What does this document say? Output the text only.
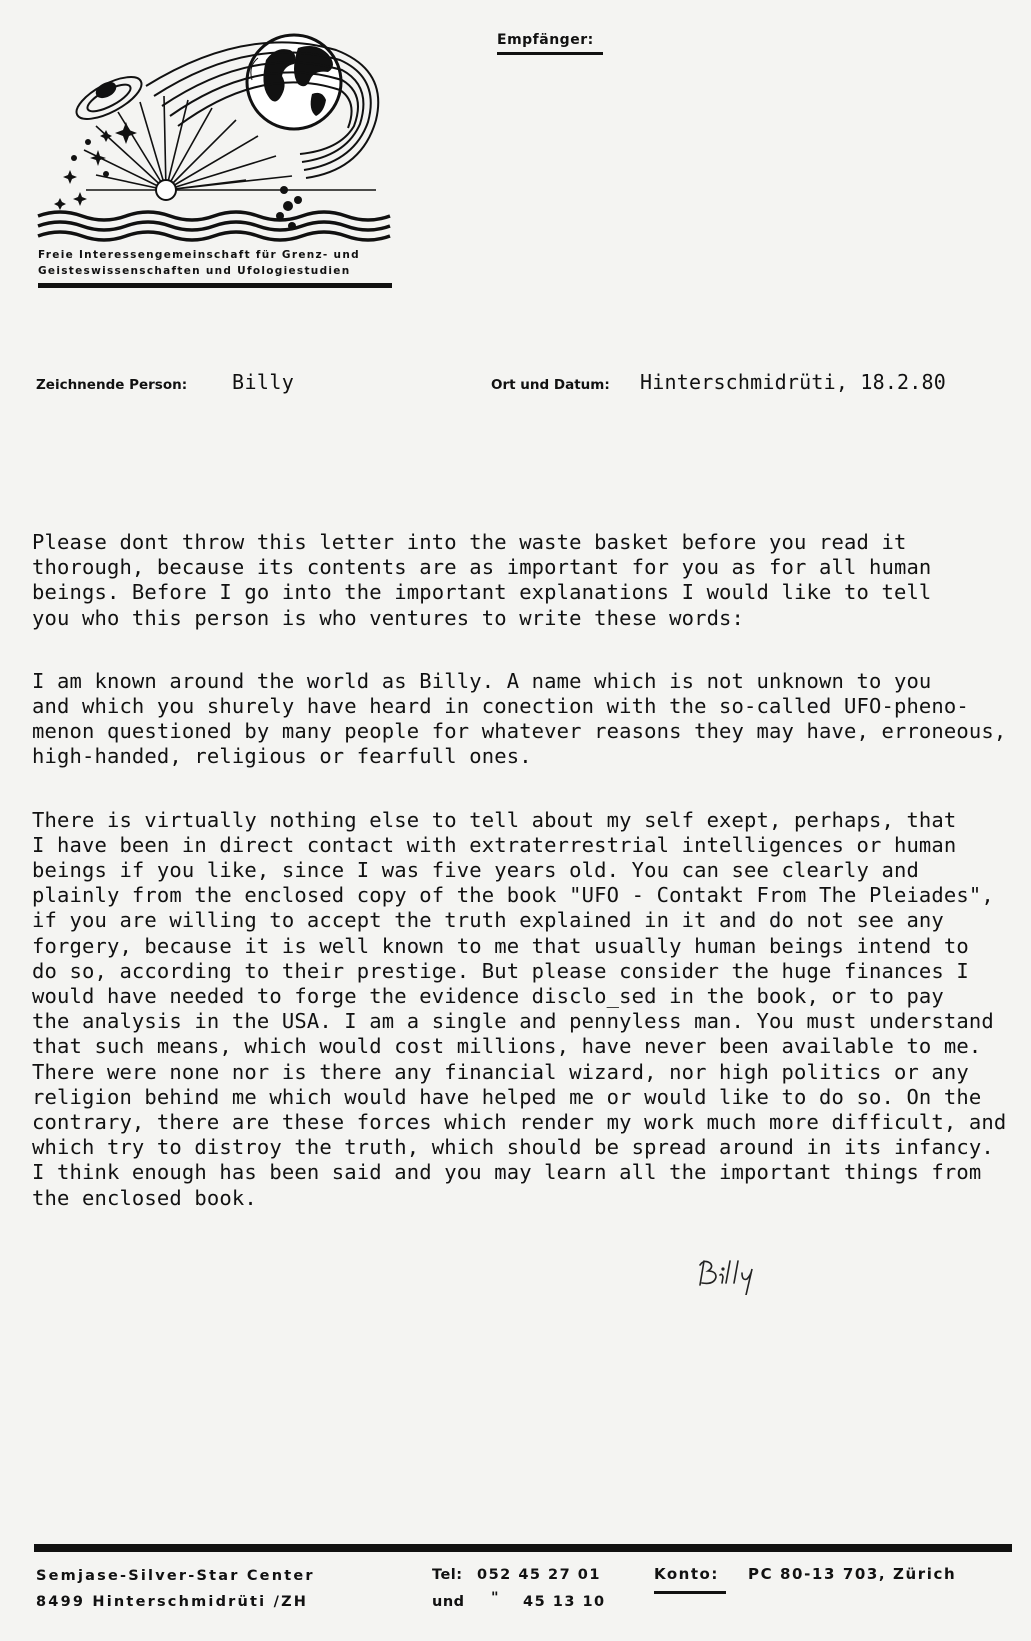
Freie Interessengemeinschaft für Grenz- und
Geisteswissenschaften und Ufologiestudien
Empfänger:
Zeichnende Person: Billy	Ort und Datum: Hinterschmidrüti, 18.2.80
Please dont throw this letter into the waste basket before you read it
thorough, because its contents are as important for you as for all human
beings. Before I go into the important explanations I would like to tell
you who this person is who ventures to write these words:
I am known around the world as Billy. A name which is not unknown to you
and which you shurely have heard in conection with the so-called UFO-pheno-
menon questioned by many people for whatever reasons they may have, erroneous,
high-handed, religious or fearfull ones.
There is virtually nothing else to tell about my self exept, perhaps, that
I have been in direct contact with extraterrestrial intelligences or human
beings if you like, since I was five years old. You can see clearly and
plainly from the enclosed copy of the book "UFO - Contakt From The Pleiades",
if you are willing to accept the truth explained in it and do not see any
forgery, because it is well known to me that usually human beings intend to
do so, according to their prestige. But please consider the huge finances I
would have needed to forge the evidence disclo_sed in the book, or to pay
the analysis in the USA. I am a single and pennyless man. You must understand
that such means, which would cost millions, have never been available to me.
There were none nor is there any financial wizard, nor high politics or any
religion behind me which would have helped me or would like to do so. On the
contrary, there are these forces which render my work much more difficult, and
which try to distroy the truth, which should be spread around in its infancy.
I think enough has been said and you may learn all the important things from
the enclosed book.
Semjase-Silver-Star Center
8499 Hinterschmidrüti /ZH
Tel: 052 45 27 01
und " 45 13 10
Konto: PC 80-13 703, Zürich
